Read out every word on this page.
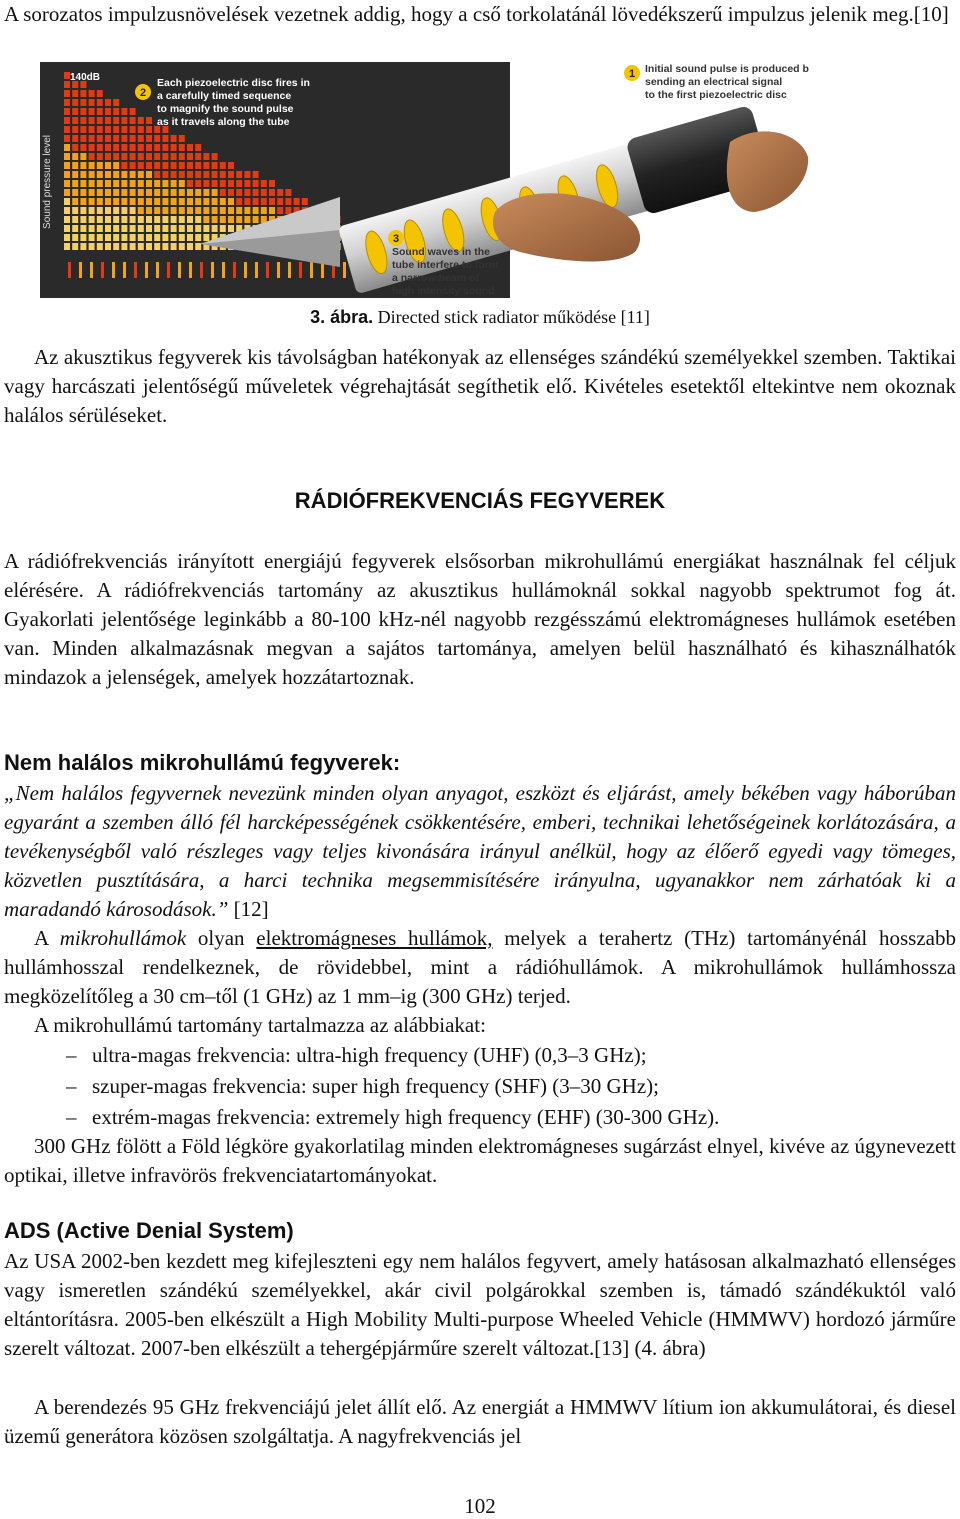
A sorozatos impulzusnövelések vezetnek addig, hogy a cső torkolatánál lövedékszerű impulzus jelenik meg.[10]

Sound pressure level
140dB
2
Each piezoelectric disc fires in a carefully timed sequence to magnify the sound pulse as it travels along the tube
1 Initial sound pulse is produced b sending an electrical signal to the first piezoelectric disc
3
Sound waves in the tube interfere to form a narrow beam of high intensity sound
3. ábra. Directed stick radiator működése [11]

Az akusztikus fegyverek kis távolságban hatékonyak az ellenséges szándékú személyekkel szemben. Taktikai vagy harcászati jelentőségű műveletek végrehajtását segíthetik elő. Kivételes esetektől eltekintve nem okoznak halálos sérüléseket.

RÁDIÓFREKVENCIÁS FEGYVEREK

A rádiófrekvenciás irányított energiájú fegyverek elsősorban mikrohullámú energiákat használnak fel céljuk elérésére. A rádiófrekvenciás tartomány az akusztikus hullámoknál sokkal nagyobb spektrumot fog át. Gyakorlati jelentősége leginkább a 80-100 kHz-nél nagyobb rezgésszámú elektromágneses hullámok esetében van. Minden alkalmazásnak megvan a sajátos tartománya, amelyen belül használható és kihasználhatók mindazok a jelenségek, amelyek hozzátartoznak.

Nem halálos mikrohullámú fegyverek:

„Nem halálos fegyvernek nevezünk minden olyan anyagot, eszközt és eljárást, amely békében vagy háborúban egyaránt a szemben álló fél harcképességének csökkentésére, emberi, technikai lehetőségeinek korlátozására, a tevékenységből való részleges vagy teljes kivonására irányul anélkül, hogy az élőerő egyedi vagy tömeges, közvetlen pusztítására, a harci technika megsemmisítésére irányulna, ugyanakkor nem zárhatóak ki a maradandó károsodások.” [12]

A mikrohullámok olyan elektromágneses hullámok, melyek a terahertz (THz) tartományénál hosszabb hullámhosszal rendelkeznek, de rövidebbel, mint a rádióhullámok. A mikrohullámok hullámhossza megközelítőleg a 30 cm–től (1 GHz) az 1 mm–ig (300 GHz) terjed.

A mikrohullámú tartomány tartalmazza az alábbiakat:

– ultra-magas frekvencia: ultra-high frequency (UHF) (0,3–3 GHz);
– szuper-magas frekvencia: super high frequency (SHF) (3–30 GHz);
– extrém-magas frekvencia: extremely high frequency (EHF) (30-300 GHz).

300 GHz fölött a Föld légköre gyakorlatilag minden elektromágneses sugárzást elnyel, kivéve az úgynevezett optikai, illetve infravörös frekvenciatartományokat.

ADS (Active Denial System)

Az USA 2002-ben kezdett meg kifejleszteni egy nem halálos fegyvert, amely hatásosan alkalmazható ellenséges vagy ismeretlen szándékú személyekkel, akár civil polgárokkal szemben is, támadó szándékuktól való eltántorításra. 2005-ben elkészült a High Mobility Multi-purpose Wheeled Vehicle (HMMWV) hordozó járműre szerelt változat. 2007-ben elkészült a tehergépjárműre szerelt változat.[13] (4. ábra)

A berendezés 95 GHz frekvenciájú jelet állít elő. Az energiát a HMMWV lítium ion akkumulátorai, és diesel üzemű generátora közösen szolgáltatja. A nagyfrekvenciás jel

102
